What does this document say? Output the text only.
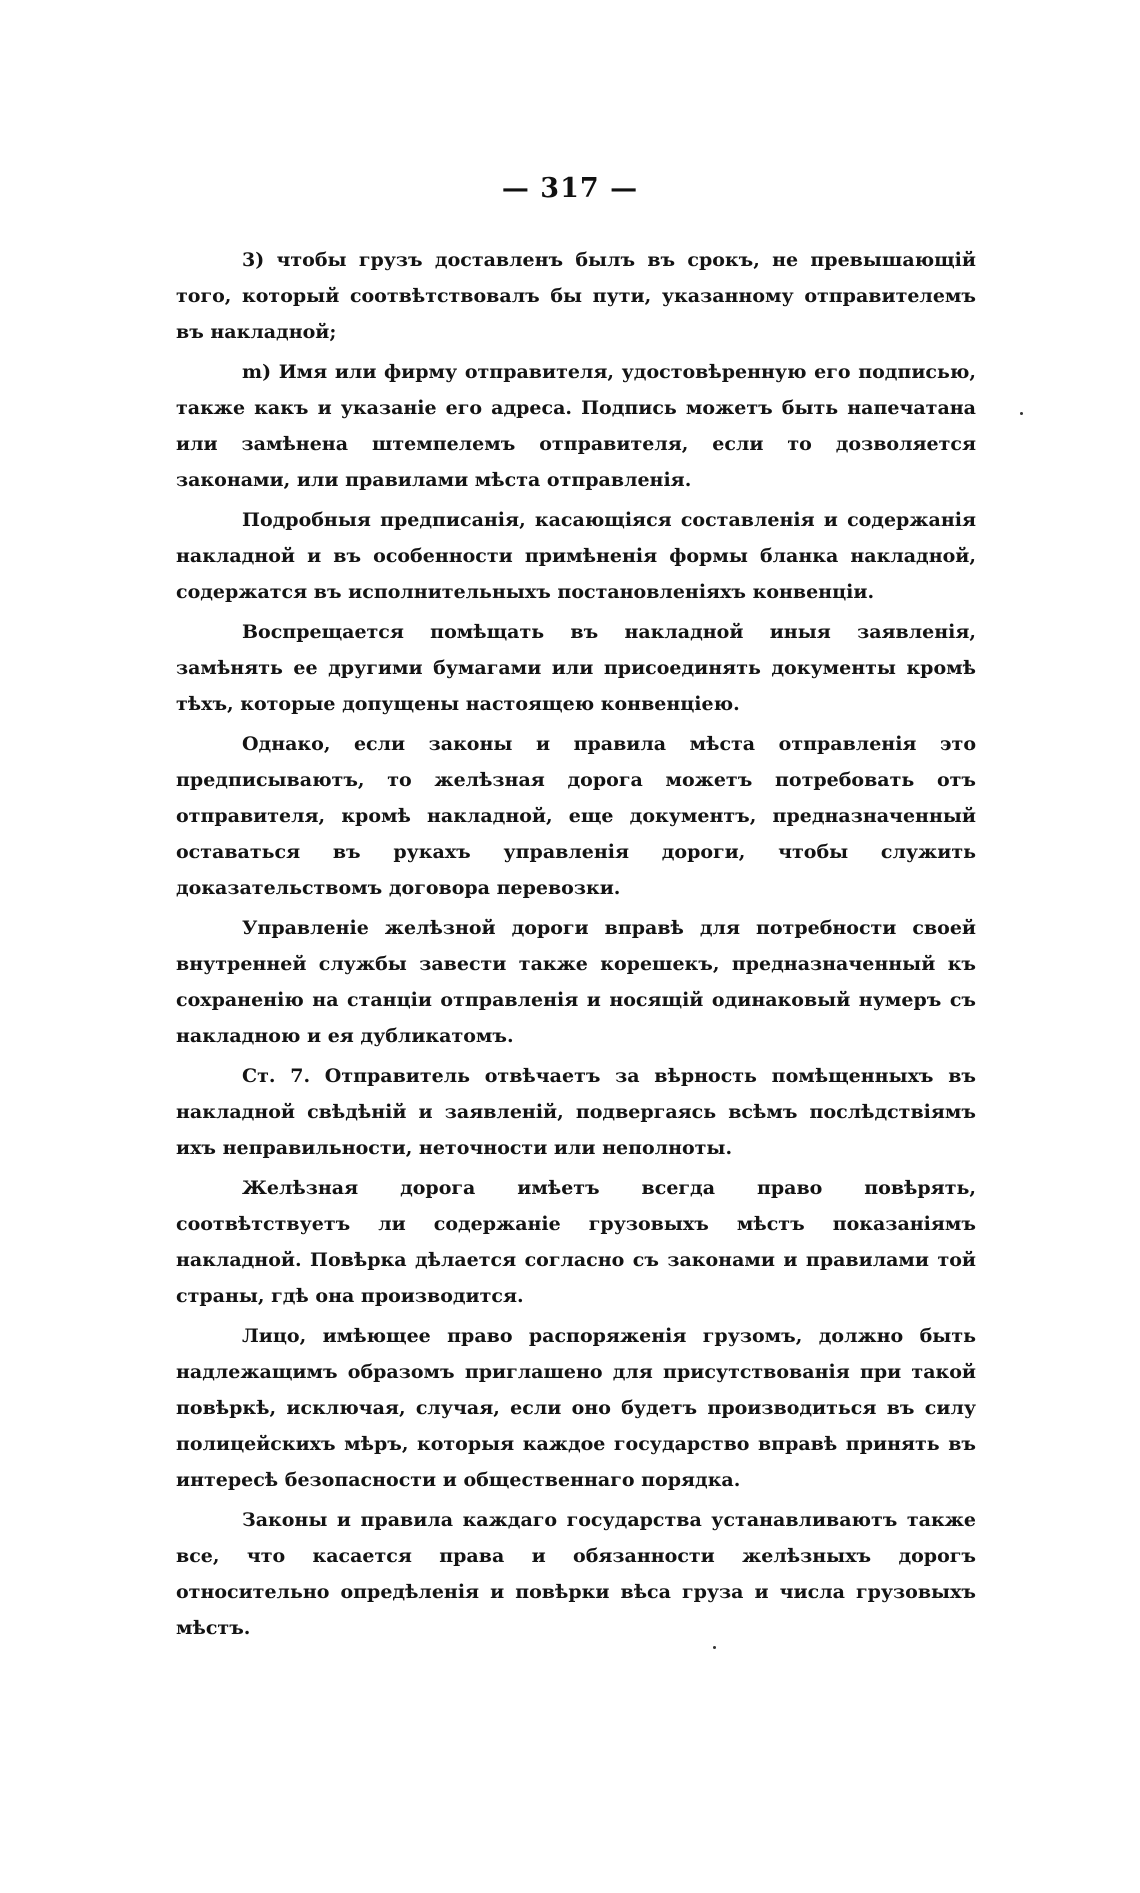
— 317 —

3) чтобы грузъ доставленъ былъ въ срокъ, не превышающій того, который соотвѣтствовалъ бы пути, указанному отправителемъ въ накладной;

m) Имя или фирму отправителя, удостовѣренную его подписью, также какъ и указаніе его адреса. Подпись можетъ быть напечатана или замѣнена штемпелемъ отправителя, если то дозволяется законами, или правилами мѣста отправленія.

Подробныя предписанія, касающіяся составленія и содержанія накладной и въ особенности примѣненія формы бланка накладной, содержатся въ исполнительныхъ постановленіяхъ конвенціи.

Воспрещается помѣщать въ накладной иныя заявленія, замѣнять ее другими бумагами или присоединять документы кромѣ тѣхъ, которые допущены настоящею конвенціею.

Однако, если законы и правила мѣста отправленія это предписываютъ, то желѣзная дорога можетъ потребовать отъ отправителя, кромѣ накладной, еще документъ, предназначенный оставаться въ рукахъ управленія дороги, чтобы служить доказательствомъ договора перевозки.

Управленіе желѣзной дороги вправѣ для потребности своей внутренней службы завести также корешекъ, предназначенный къ сохраненію на станціи отправленія и носящій одинаковый нумеръ съ накладною и ея дубликатомъ.

Ст. 7. Отправитель отвѣчаетъ за вѣрность помѣщенныхъ въ накладной свѣдѣній и заявленій, подвергаясь всѣмъ послѣдствіямъ ихъ неправильности, неточности или неполноты.

Желѣзная дорога имѣетъ всегда право повѣрять, соотвѣтствуетъ ли содержаніе грузовыхъ мѣстъ показаніямъ накладной. Повѣрка дѣлается согласно съ законами и правилами той страны, гдѣ она производится.

Лицо, имѣющее право распоряженія грузомъ, должно быть надлежащимъ образомъ приглашено для присутствованія при такой повѣркѣ, исключая, случая, если оно будетъ производиться въ силу полицейскихъ мѣръ, которыя каждое государство вправѣ принять въ интересѣ безопасности и общественнаго порядка.

Законы и правила каждаго государства устанавливаютъ также все, что касается права и обязанности желѣзныхъ дорогъ относительно опредѣленія и повѣрки вѣса груза и числа грузовыхъ мѣстъ.
